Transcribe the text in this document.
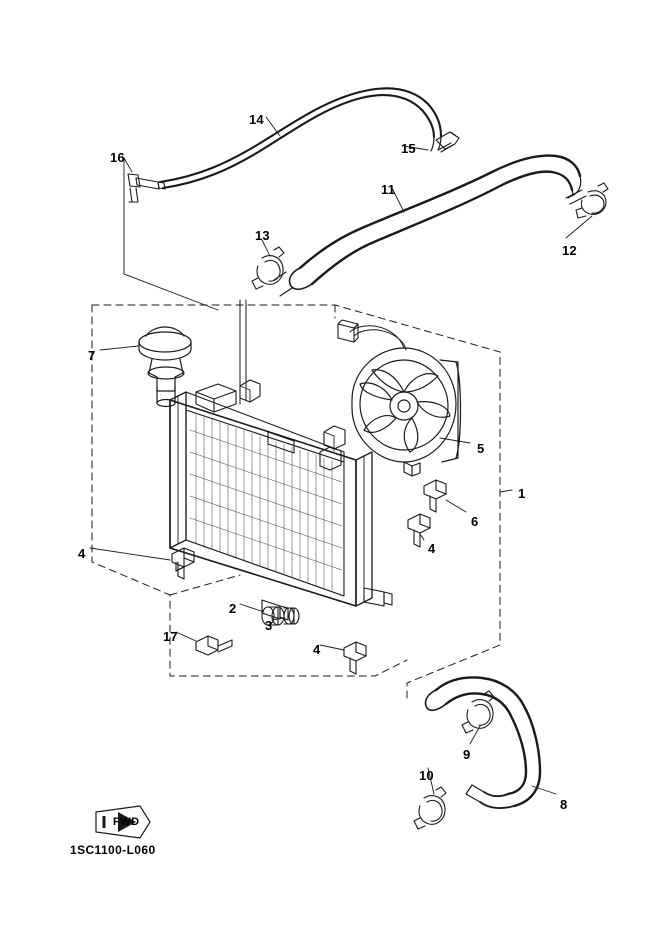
14
15
16
11
12
13
7
5
1
6
4
4
2
3
17
4
9
10
8
FWD
1SC1100-L060
